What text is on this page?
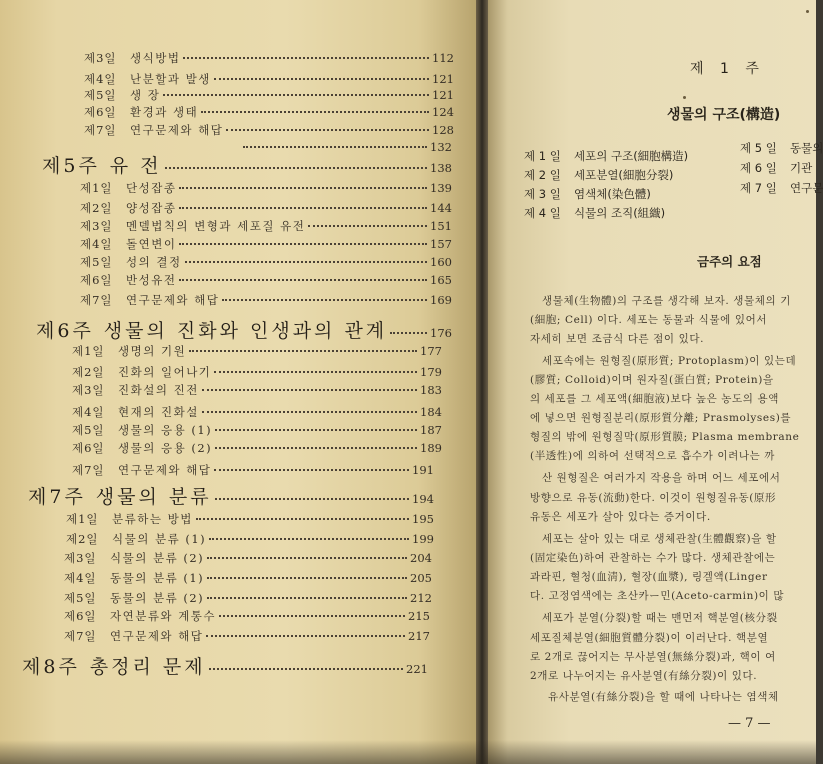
제3일	생식방법	112
제4일	난분할과 발생	121
제5일	생 장	121
제6일	환경과 생태	124
제7일	연구문제와 해답	128
132
제5주 유 전	138
제1일	단성잡종	139
제2일	양성잡종	144
제3일	멘델법칙의 변형과 세포질 유전	151
제4일	돌연변이	157
제5일	성의 결정	160
제6일	반성유전	165
제7일	연구문제와 해답	169
제6주 생물의 진화와 인생과의 관계	176
제1일	생명의 기원	177
제2일	진화의 일어나기	179
제3일	진화설의 진전	183
제4일	현재의 진화설	184
제5일	생물의 응용 (1)	187
제6일	생물의 응용 (2)	189
제7일	연구문제와 해답	191
제7주 생물의 분류	194
제1일	분류하는 방법	195
제2일	식물의 분류 (1)	199
제3일	식물의 분류 (2)	204
제4일	동물의 분류 (1)	205
제5일	동물의 분류 (2)	212
제6일	자연분류와 계통수	215
제7일	연구문제와 해답	217
제8주 총정리 문제	221
제 1 주
생물의 구조(構造)
제 1 일 세포의 구조(細胞構造)
제 2 일 세포분열(細胞分裂)
제 3 일 염색체(染色體)
제 4 일 식물의 조직(組織)
제 5 일 동물의
제 6 일 기관
제 7 일 연구문
금주의 요점
생물체(生物體)의 구조를 생각해 보자. 생물체의 기
(細胞; Cell) 이다. 세포는 동물과 식물에 있어서
자세히 보면 조금식 다른 점이 있다.
세포속에는 원형질(原形質; Protoplasm)이 있는데
(膠質; Colloid)이며 원자질(蛋白質; Protein)을
의 세포를 그 세포액(細胞液)보다 높은 농도의 용액
에 넣으면 원형질분리(原形質分離; Prasmolyses)를
형질의 밖에 원형질막(原形質膜; Plasma membrane
(半透性)에 의하여 선택적으로 흡수가 이려나는 까
산 원형질은 여러가지 작용을 하며 어느 세포에서
방향으로 유동(流動)한다. 이것이 원형질유동(原形
유동은 세포가 살아 있다는 증거이다.
세포는 살아 있는 대로 생체관찰(生體觀察)을 할
(固定染色)하여 관찰하는 수가 많다. 생체관찰에는
과라핀, 혈청(血淸), 혈장(血漿), 링겔액(Linger
다. 고정염색에는 초산카ー민(Aceto-carmin)이 많
세포가 분열(分裂)할 때는 맨먼저 핵분열(核分裂
세포질체분열(細胞質體分裂)이 이러난다. 핵분열
로 2개로 끊어지는 무사분열(無絲分裂)과, 핵이 여
2개로 나누어지는 유사분열(有絲分裂)이 있다.
유사분열(有絲分裂)을 할 때에 나타나는 염색체
— 7 —
